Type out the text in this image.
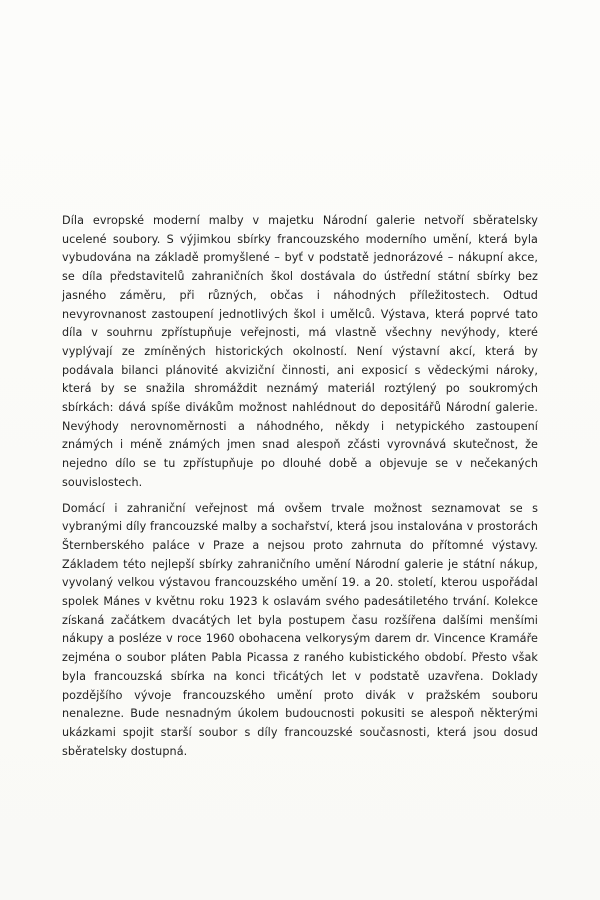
Díla evropské moderní malby v majetku Národní galerie netvoří sběratelsky ucelené soubory. S výjimkou sbírky francouzského moderního umění, která byla vybudována na základě promyšlené – byť v podstatě jednorázové – nákupní akce, se díla představitelů zahraničních škol dostávala do ústřední státní sbírky bez jasného záměru, při různých, občas i náhodných příležitostech. Odtud nevyrovnanost zastoupení jednotlivých škol i umělců. Výstava, která poprvé tato díla v souhrnu zpřístupňuje veřejnosti, má vlastně všechny nevýhody, které vyplývají ze zmíněných historických okolností. Není výstavní akcí, která by podávala bilanci plánovité akviziční činnosti, ani exposicí s vědeckými nároky, která by se snažila shromáždit neznámý materiál roztýlený po soukromých sbírkách: dává spíše divákům možnost nahlédnout do depositářů Národní galerie. Nevýhody nerovnoměrnosti a náhodného, někdy i netypického zastoupení známých i méně známých jmen snad alespoň zčásti vyrovnává skutečnost, že nejedno dílo se tu zpřístupňuje po dlouhé době a objevuje se v nečekaných souvislostech.

Domácí i zahraniční veřejnost má ovšem trvale možnost seznamovat se s vybranými díly francouzské malby a sochařství, která jsou instalována v prostorách Šternberského paláce v Praze a nejsou proto zahrnuta do přítomné výstavy. Základem této nejlepší sbírky zahraničního umění Národní galerie je státní nákup, vyvolaný velkou výstavou francouzského umění 19. a 20. století, kterou uspořádal spolek Mánes v květnu roku 1923 k oslavám svého padesátiletého trvání. Kolekce získaná začátkem dvacátých let byla postupem času rozšířena dalšími menšími nákupy a posléze v roce 1960 obohacena velkorysým darem dr. Vincence Kramáře zejména o soubor pláten Pabla Picassa z raného kubistického období. Přesto však byla francouzská sbírka na konci třicátých let v podstatě uzavřena. Doklady pozdějšího vývoje francouzského umění proto divák v pražském souboru nenalezne. Bude nesnadným úkolem budoucnosti pokusiti se alespoň některými ukázkami spojit starší soubor s díly francouzské současnosti, která jsou dosud sběratelsky dostupná.
